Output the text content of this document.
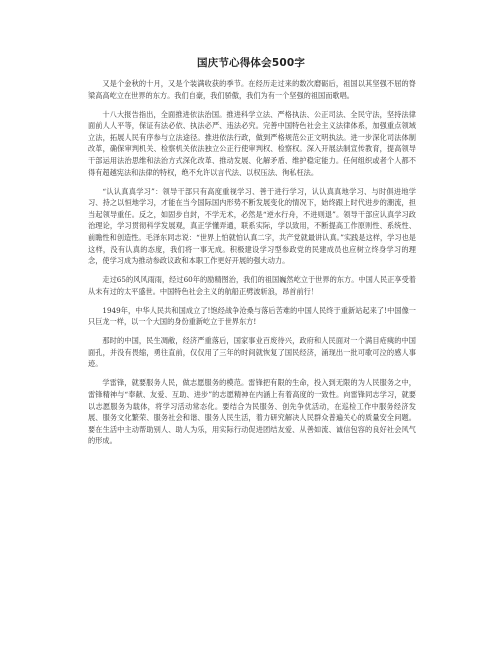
国庆节心得体会500字

又是个金秋的十月，又是个装满收获的季节。在经历走过来的数次磨砺后，祖国以其坚强不屈的脊梁高高屹立在世界的东方。我们自豪，我们骄傲，我们为有一个坚强的祖国而歌唱。

十八大报告指出，全面推进依法治国。推进科学立法、严格执法、公正司法、全民守法，坚持法律面前人人平等，保证有法必依、执法必严、违法必究。完善中国特色社会主义法律体系，加强重点领域立法，拓展人民有序参与立法途径。推进依法行政，做到严格规范公正文明执法。进一步深化司法体制改革，确保审判机关、检察机关依法独立公正行使审判权、检察权。深入开展法制宣传教育，提高领导干部运用法治思维和法治方式深化改革、推动发展、化解矛盾、维护稳定能力。任何组织或者个人都不得有超越宪法和法律的特权，绝不允许以言代法、以权压法、徇私枉法。

“认认真真学习”：领导干部只有高度重视学习、善于进行学习，认认真真地学习、与时俱进地学习、持之以恒地学习，才能在当今国际国内形势不断发展变化的情况下，始终跟上时代进步的潮流，担当起领导重任。反之，如固步自封，不学无术，必然是“逆水行舟，不进则退”。领导干部应认真学习政治理论，学习贯彻科学发展观，真正学懂弄通，联系实际，学以致用，不断提高工作原则性、系统性、前瞻性和创造性。毛泽东同志说：“世界上怕就怕认真二字，共产党就最讲认真。”实践是这样，学习也是这样，没有认真的态度，我们将一事无成。积极建设学习型参政党的民建成员也应树立终身学习的理念，使学习成为推动参政议政和本职工作更好开展的强大动力。

走过65的风风雨雨，经过60年的励精图治，我们的祖国巍然屹立于世界的东方。中国人民正享受着从未有过的太平盛世。中国特色社会主义的航船正劈波斩浪，昂首前行！

1949年，中华人民共和国成立了!饱经战争沧桑与落后苦难的中国人民终于重新站起来了!中国像一只巨龙一样，以一个大国的身份重新屹立于世界东方!

那时的中国，民生凋敝，经济严重落后，国家事业百废待兴，政府和人民面对一个满目疮痍的中国面孔，并没有畏缩，勇往直前，仅仅用了三年的时间就恢复了国民经济，涌现出一批可歌可泣的感人事迹。

学雷锋，就要服务人民，做志愿服务的模范。雷锋把有限的生命，投入到无限的为人民服务之中，雷锋精神与“奉献、友爱、互助、进步”的志愿精神在内涵上有着高度的一致性。向雷锋同志学习，就要以志愿服务为载体，将学习活动常态化。要结合为民服务、创先争优活动，在巡检工作中服务经济发展、服务文化繁荣、服务社会和谐、服务人民生活，着力研究解决人民群众普遍关心的质量安全问题。要在生活中主动帮助别人、助人为乐，用实际行动促进团结友爱、从善如流、诚信包容的良好社会风气的形成。
